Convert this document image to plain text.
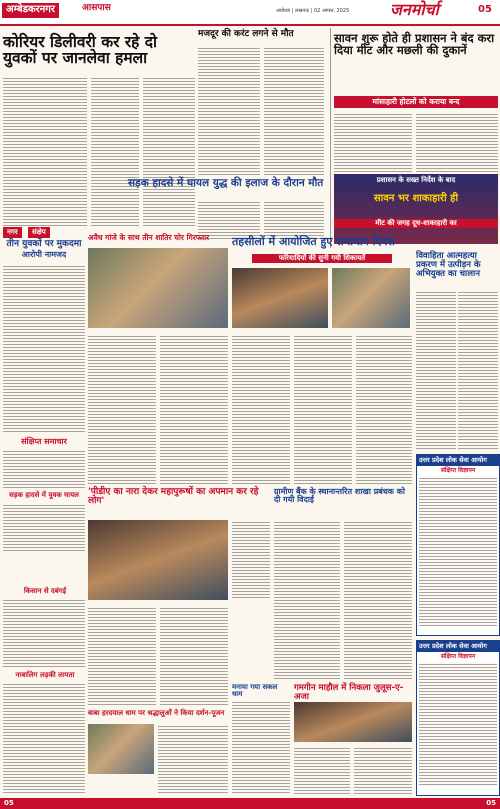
अम्बेडकरनगर	आसपास	अयोध्या | लखनऊ | 02 अगस्त, 2025	जनमोर्चा	05
कोरियर डिलीवरी कर रहे दो युवकों पर जानलेवा हमला
नगर	संक्षेप
तीन युवकों पर मुकदमा
आरोपी नामजद
संक्षिप्त समाचार
सड़क हादसे में युवक घायल
किसान से दबंगई
नाबालिग लड़की लापता
मजदूर की करंट लगने से मौत
सड़क हादसे में घायल युद्ध की इलाज के दौरान मौत
सावन शुरू होते ही प्रशासन ने बंद करा दिया मीट और मछली की दुकानें
मांसाहारी होटलों को कराया बन्द
प्रशासन के सख्त निर्देश के बाद
सावन भर शाकाहारी ही
मीट की जगह दूध-शाकाहारी का
अवैध गांजे के साथ तीन शातिर चोर गिरफ्तार	तहसीलों में आयोजित हुए समाधान दिवस
फरियादियों की सुनी गयी शिकायतें	विवाहिता आत्महत्या प्रकरण में उत्पीड़न के अभियुक्त का चालान
'पीडीए का नारा देकर महापुरूषों का अपमान कर रहे लोग'
ग्रामीण बैंक के स्थानान्तरित शाखा प्रबंधक को दी गयी विदाई
उत्तर प्रदेश लोक सेवा आयोग
संक्षिप्त विज्ञापन
बाबा हरदयाल धाम पर श्रद्धालुओं ने किया दर्शन-पूजन
मनाया गया सकल धाम
गमगीन माहौल में निकला जुलूस-ए-अजा
उत्तर प्रदेश लोक सेवा आयोग
संक्षिप्त विज्ञापन
05	05
